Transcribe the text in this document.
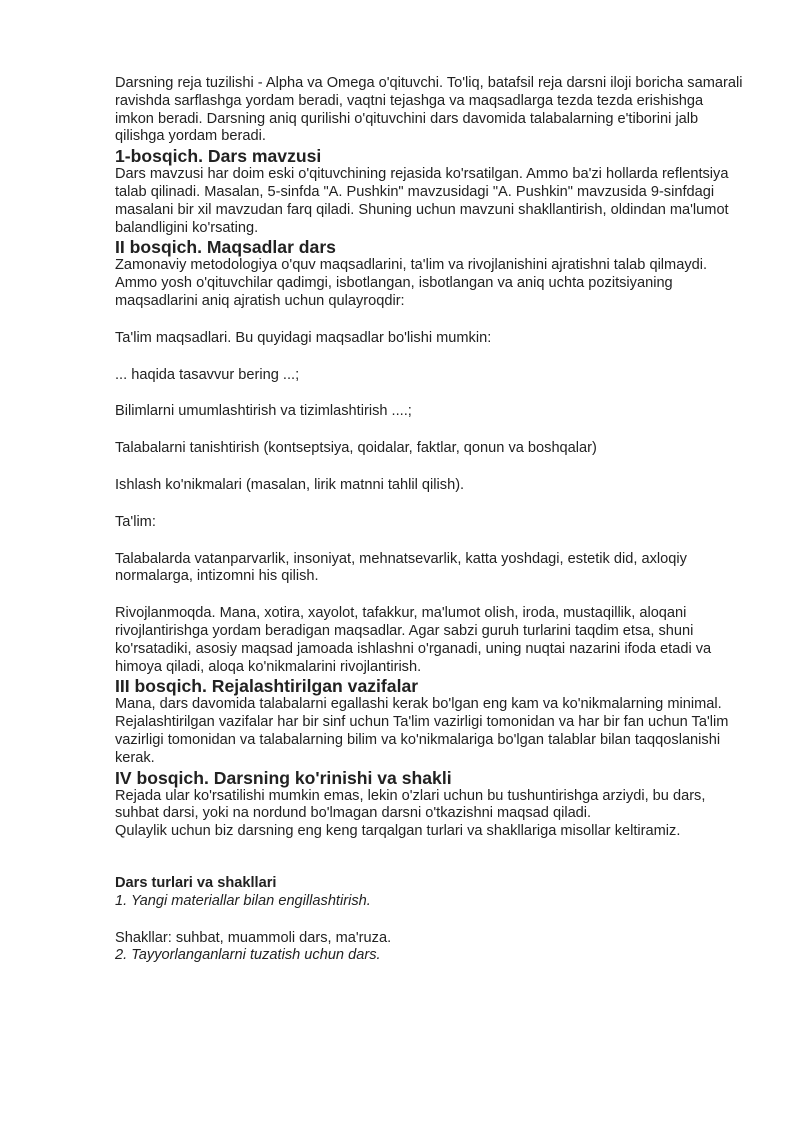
Darsning reja tuzilishi - Alpha va Omega o'qituvchi. To'liq, batafsil reja darsni iloji boricha samarali ravishda sarflashga yordam beradi, vaqtni tejashga va maqsadlarga tezda tezda erishishga imkon beradi. Darsning aniq qurilishi o'qituvchini dars davomida talabalarning e'tiborini jalb qilishga yordam beradi.

1-bosqich. Dars mavzusi

Dars mavzusi har doim eski o'qituvchining rejasida ko'rsatilgan. Ammo ba'zi hollarda reflentsiya talab qilinadi. Masalan, 5-sinfda "A. Pushkin" mavzusidagi "A. Pushkin" mavzusida 9-sinfdagi masalani bir xil mavzudan farq qiladi. Shuning uchun mavzuni shakllantirish, oldindan ma'lumot balandligini ko'rsating.

II bosqich. Maqsadlar dars

Zamonaviy metodologiya o'quv maqsadlarini, ta'lim va rivojlanishini ajratishni talab qilmaydi. Ammo yosh o'qituvchilar qadimgi, isbotlangan, isbotlangan va aniq uchta pozitsiyaning maqsadlarini aniq ajratish uchun qulayroqdir:

Ta'lim maqsadlari. Bu quyidagi maqsadlar bo'lishi mumkin:

... haqida tasavvur bering ...;

Bilimlarni umumlashtirish va tizimlashtirish ....;

Talabalarni tanishtirish (kontseptsiya, qoidalar, faktlar, qonun va boshqalar)

Ishlash ko'nikmalari (masalan, lirik matnni tahlil qilish).

Ta'lim:

Talabalarda vatanparvarlik, insoniyat, mehnatsevarlik, katta yoshdagi, estetik did, axloqiy normalarga, intizomni his qilish.

Rivojlanmoqda. Mana, xotira, xayolot, tafakkur, ma'lumot olish, iroda, mustaqillik, aloqani rivojlantirishga yordam beradigan maqsadlar. Agar sabzi guruh turlarini taqdim etsa, shuni ko'rsatadiki, asosiy maqsad jamoada ishlashni o'rganadi, uning nuqtai nazarini ifoda etadi va himoya qiladi, aloqa ko'nikmalarini rivojlantirish.

III bosqich. Rejalashtirilgan vazifalar

Mana, dars davomida talabalarni egallashi kerak bo'lgan eng kam va ko'nikmalarning minimal. Rejalashtirilgan vazifalar har bir sinf uchun Ta'lim vazirligi tomonidan va har bir fan uchun Ta'lim vazirligi tomonidan va talabalarning bilim va ko'nikmalariga bo'lgan talablar bilan taqqoslanishi kerak.

IV bosqich. Darsning ko'rinishi va shakli

Rejada ular ko'rsatilishi mumkin emas, lekin o'zlari uchun bu tushuntirishga arziydi, bu dars, suhbat darsi, yoki na nordund bo'lmagan darsni o'tkazishni maqsad qiladi.

Qulaylik uchun biz darsning eng keng tarqalgan turlari va shakllariga misollar keltiramiz.

Dars turlari va shakllari

1. Yangi materiallar bilan engillashtirish.

Shakllar: suhbat, muammoli dars, ma'ruza.

2. Tayyorlanganlarni tuzatish uchun dars.
